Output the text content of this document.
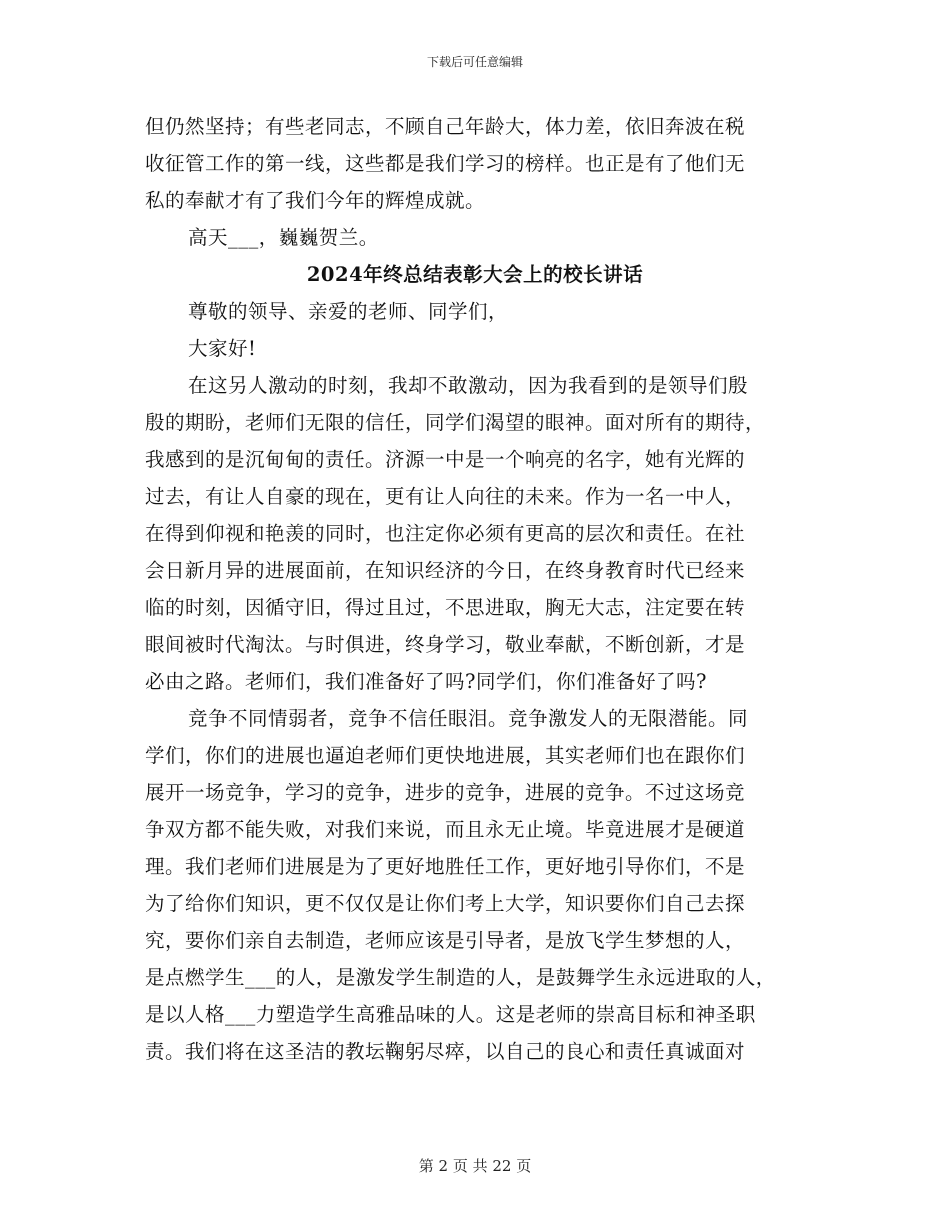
下载后可任意编辑
但仍然坚持；有些老同志，不顾自己年龄大，体力差，依旧奔波在税
收征管工作的第一线，这些都是我们学习的榜样。也正是有了他们无
私的奉献才有了我们今年的辉煌成就。
高天___，巍巍贺兰。
2024年终总结表彰大会上的校长讲话
尊敬的领导、亲爱的老师、同学们，
大家好!
在这另人激动的时刻，我却不敢激动，因为我看到的是领导们殷
殷的期盼，老师们无限的信任，同学们渴望的眼神。面对所有的期待，
我感到的是沉甸甸的责任。济源一中是一个响亮的名字，她有光辉的
过去，有让人自豪的现在，更有让人向往的未来。作为一名一中人，
在得到仰视和艳羡的同时，也注定你必须有更高的层次和责任。在社
会日新月异的进展面前，在知识经济的今日，在终身教育时代已经来
临的时刻，因循守旧，得过且过，不思进取，胸无大志，注定要在转
眼间被时代淘汰。与时俱进，终身学习，敬业奉献，不断创新，才是
必由之路。老师们，我们准备好了吗?同学们，你们准备好了吗?
竞争不同情弱者，竞争不信任眼泪。竞争激发人的无限潜能。同
学们，你们的进展也逼迫老师们更快地进展，其实老师们也在跟你们
展开一场竞争，学习的竞争，进步的竞争，进展的竞争。不过这场竞
争双方都不能失败，对我们来说，而且永无止境。毕竟进展才是硬道
理。我们老师们进展是为了更好地胜任工作，更好地引导你们，不是
为了给你们知识，更不仅仅是让你们考上大学，知识要你们自己去探
究，要你们亲自去制造，老师应该是引导者，是放飞学生梦想的人，
是点燃学生___的人，是激发学生制造的人，是鼓舞学生永远进取的人，
是以人格___力塑造学生高雅品味的人。这是老师的崇高目标和神圣职
责。我们将在这圣洁的教坛鞠躬尽瘁，以自己的良心和责任真诚面对
第 2 页 共 22 页
